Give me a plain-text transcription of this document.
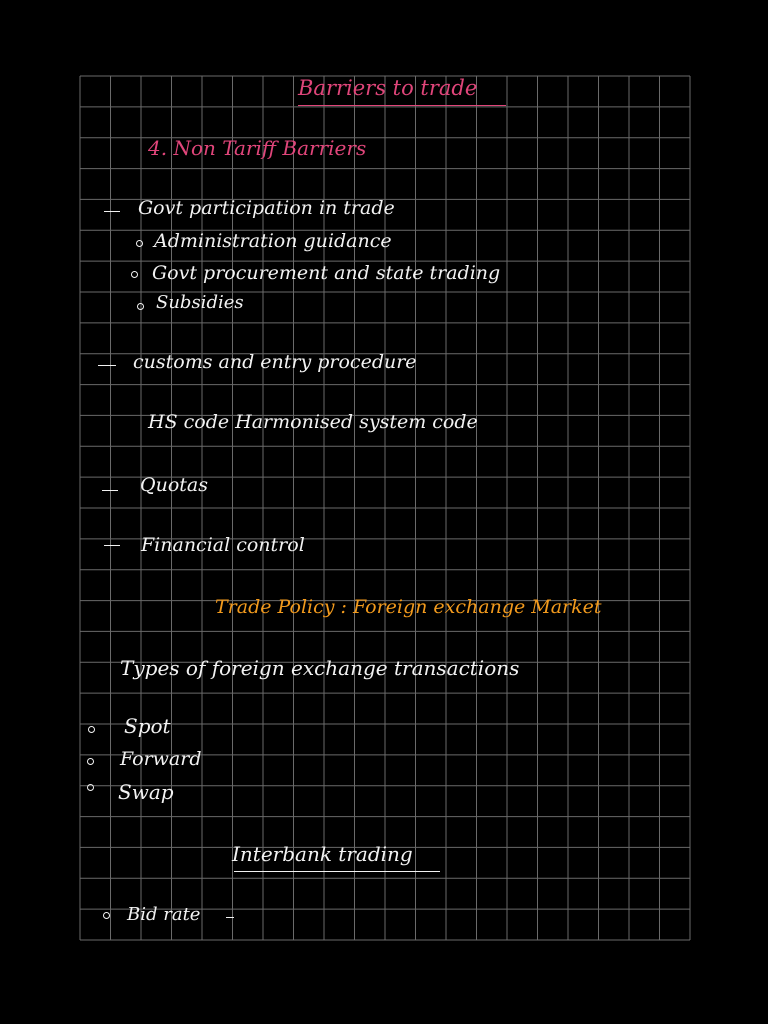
Barriers to trade
4. Non Tariff Barriers
Govt participation in trade
Administration guidance
Govt procurement and state trading
Subsidies
customs and entry procedure
HS code Harmonised system code
Quotas
Financial control
Trade Policy : Foreign exchange Market
Types of foreign exchange transactions
Spot
Forward
Swap
Interbank trading
Bid rate
